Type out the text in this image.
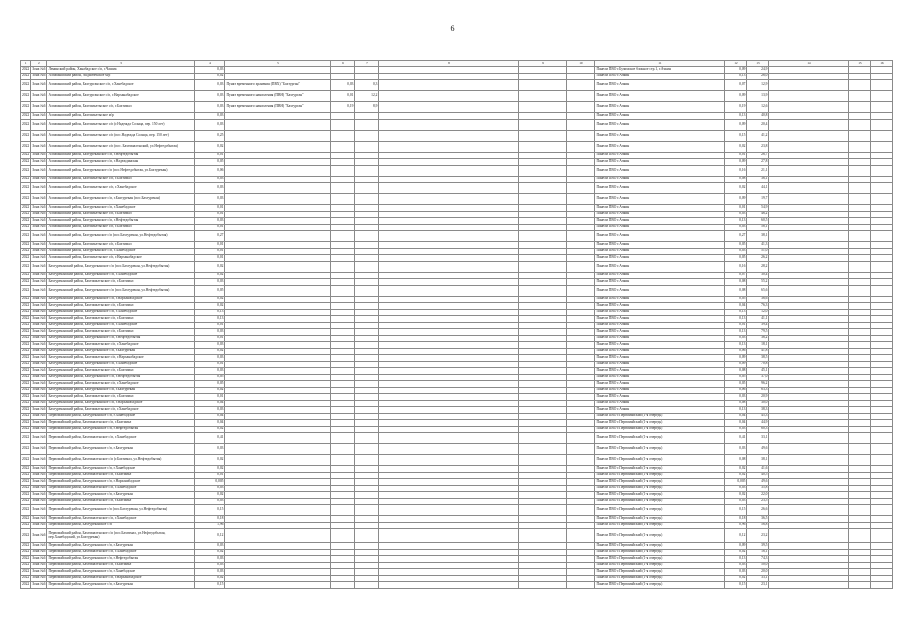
6
1	2	3	4	5	6	7	8	9	10	11	12	13	14	15	16
2022	Зона №6	Ленинский район, Ханабадское с/п, г.Чашма	0,03							Панели ПВО г.Бузимское блокное стр.1, г.Ачкин	0,09	24,9			
2022	Зона №6	Алпамышский район, Акдамбекское м/р	0,02							Панели ПВО г.Ачкин	0,13	26,0			
2022	Зона №6	Алпамышский район, Бахтурганское с/п, г.Ханебадское	0,03	Пункт временного хранения (ПВХ) "Бахтурган"	0,03	0,3				Панели ПВО г.Ачкин	0,07	12,9			
2022	Зона №6	Алпамышский район, Бахтурганское с/п, г.Нарханабадское	0,03	Пункт временного накопления (ПВН) "Бахтурган"	0,01	12,2				Панели ПВО г.Ачкин	0,09	13,9			
2022	Зона №6	Алпамышский район, Бахтималтыское с/п, г.Бахтимал	0,03	Пункт временного накопления (ПВН) "Бахтурган"	0,19	8,9				Панели ПВО г.Ачкин	0,19	12,6			
2022	Зона №6	Алпамышский район, Бахтималтыское м/р	0,03							Панели ПВО г.Ачкин	0,13	40,8			
2022	Зона №6	Алпамышский район, Бахтималтыское с/п (г.Надежда Солнца, пер. 150 лет)	0,03							Панели ПВО г.Ачкин	0,09	20,4			
2022	Зона №6	Алпамышский район, Бахтималтыское с/п (пос.Надежда Солнца, пер. 150 лет)	0,25							Панели ПВО г.Ачкин	0,15	41,2			
2022	Зона №6	Алпамышский район, Бахтималтыское с/п (пос. Бахтималтыский, ул.Нефтедобытая)	0,02							Панели ПВО г.Ачкин	0,02	23,8			
2022	Зона №6	Алпамышский район, Бахтуреканское с/п, г.Нефтедобытая	0,01							Панели ПВО г.Ачкин	0,01	26,7			
2022	Зона №6	Алпамышский район, Бахтуреканское с/п, г.Надеждинская	0,05							Панели ПВО г.Ачкин	0,09	27,8			
2022	Зона №6	Алпамышский район, Бахтуреканское с/п (пос.Нефтедобытая, ул.Бахтурекан)	0,06							Панели ПВО г.Ачкин	0,16	21,1			
2022	Зона №6	Алпамышский район, Бахтималтыское с/п, г.Бахтимал	0,03							Панели ПВО г.Ачкин	0,08	36,1			
2022	Зона №6	Алпамышский район, Бахтималтыское с/п, г.Ханебадское	0,03							Панели ПВО г.Ачкин	0,02	44,1			
2022	Зона №6	Алпамышский район, Бахтуреканское с/п, г.Бахтурекан (пос.Бахтурекан)	0,03							Панели ПВО г.Ачкин	0,09	19,7			
2022	Зона №6	Алпамышский район, Бахтуреканское с/п, г.Ханебадское	0,01							Панели ПВО г.Ачкин	0,01	54,9			
2022	Зона №6	Алпамышский район, Бахтималтыское с/п, г.Бахтимал	0,01							Панели ПВО г.Ачкин	0,03	46,2			
2022	Зона №6	Алпамышский район, Бахтуреканское с/п, г.Нефтедобытая	0,03							Панели ПВО г.Ачкин	0,13	60,5			
2022	Зона №6	Алпамышский район, Бахтималтыское с/п, г.Бахтимал	0,01							Панели ПВО г.Ачкин	0,03	58,1			
2022	Зона №6	Алпамышский район, Бахтуреканское с/п (пос.Бахтурекан, ул.Нефтедобытая)	0,27							Панели ПВО г.Ачкин	0,27	38,1			
2022	Зона №6	Алпамышский район, Бахтималтыское с/п, г.Бахтимал	0,01							Панели ПВО г.Ачкин	0,05	41,3			
2022	Зона №6	Алпамышский район, Бахтуреканское с/п, г.Ханебадское	0,01							Панели ПВО г.Ачкин	0,03	51,0			
2022	Зона №6	Алпамышский район, Бахтималтыское с/п, г.Нарханабадское	0,01							Панели ПВО г.Ачкин	0,05	26,2			
2022	Зона №6	Бахтуреканский район, Бахтуреканское с/п (пос.Бахтурекан, ул.Нефтедобытая)	0,02							Панели ПВО г.Ачкин	0,16	28,2			
2022	Зона №6	Бахтуреканский район, Бахтуреканское с/п, г.Ханебадское	0,02							Панели ПВО г.Ачкин	0,07	30,4			
2022	Зона №6	Бахтуреканский район, Бахтималтыское с/п, г.Бахтимал	0,03							Панели ПВО г.Ачкин	0,08	55,2			
2022	Зона №6	Бахтуреканский район, Бахтуреканское с/п (пос.Бахтурекан, ул.Нефтедобытая)	0,05							Панели ПВО г.Ачкин	0,08	65,6			
2022	Зона №6	Бахтуреканский район, Бахтуреканское с/п, г.Нарханабадское	0,02							Панели ПВО г.Ачкин	0,05	36,6			
2022	Зона №6	Бахтуреканский район, Бахтималтыское с/п, г.Бахтимал	0,02							Панели ПВО г.Ачкин	0,04	76,3			
2022	Зона №6	Бахтуреканский район, Бахтуреканское с/п, г.Ханебадское	0,13							Панели ПВО г.Ачкин	0,13	12,0			
2022	Зона №6	Бахтуреканский район, Бахтималтыское с/п, г.Бахтимал	0,13							Панели ПВО г.Ачкин	0,13	41,1			
2022	Зона №6	Бахтуреканский район, Бахтуреканское с/п, г.Ханебадское	0,01							Панели ПВО г.Ачкин	0,01	39,4			
2022	Зона №6	Бахтуреканский район, Бахтималтыское с/п, г.Бахтимал	0,03							Панели ПВО г.Ачкин	0,13	79,5			
2022	Зона №6	Бахтуреканский район, Бахтуреканское с/п, г.Нефтедобытая	0,01							Панели ПВО г.Ачкин	0,03	36,2			
2022	Зона №6	Бахтуреканский район, Бахтималтыское с/п, г.Ханебадское	0,03							Панели ПВО г.Ачкин	0,13	18,1			
2022	Зона №6	Бахтуреканский район, Бахтуреканское с/п, г.Бахтурекан	0,02							Панели ПВО г.Ачкин	0,06	41,8			
2022	Зона №6	Бахтуреканский район, Бахтималтыское с/п, г.Нарханабадское	0,03							Панели ПВО г.Ачкин	0,09	38,5			
2022	Зона №6	Бахтуреканский район, Бахтуреканское с/п, г.Ханебадское	0,01							Панели ПВО г.Ачкин	0,09	70,8			
2022	Зона №6	Бахтуреканский район, Бахтималтыское с/п, г.Бахтимал	0,03							Панели ПВО г.Ачкин	0,08	45,1			
2022	Зона №6	Бахтуреканский район, Бахтуреканское с/п, г.Нефтедобытая	0,05							Панели ПВО г.Ачкин	0,05	37,0			
2022	Зона №6	Бахтуреканский район, Бахтималтыское с/п, г.Ханебадское	0,05							Панели ПВО г.Ачкин	0,05	96,2			
2022	Зона №6	Бахтуреканский район, Бахтуреканское с/п, г.Бахтурекан	0,02							Панели ПВО г.Ачкин	0,06	63,3			
2022	Зона №6	Бахтуреканский район, Бахтималтыское с/п, г.Бахтимал	0,01							Панели ПВО г.Ачкин	0,03	20,9			
2022	Зона №6	Бахтуреканский район, Бахтуреканское с/п, г.Нарханабадское	0,04							Панели ПВО г.Ачкин	0,08	30,0			
2022	Зона №6	Бахтуреканский район, Бахтималтыское с/п, г.Ханебадское	0,03							Панели ПВО г.Ачкин	0,13	38,3			
2022	Зона №6	Первомайский район, Бахтуреканское с/п, г.Ханебадское	0,04							Панели ПВО г.Первомайский (1-я очередь)	0,04	45,3			
2022	Зона №6	Первомайский район, Бахтималтыское с/п, г.Бахтимал	0,04							Панели ПВО г.Первомайский (1-я очередь)	0,04	44,9			
2022	Зона №6	Первомайский район, Бахтуреканское с/п, г.Нефтедобытая	0,02							Панели ПВО г.Первомайский (1-я очередь)	0,03	60,3			
2022	Зона №6	Первомайский район, Бахтималтыское с/п, г.Ханебадское	0,41							Панели ПВО г.Первомайский (1-я очередь)	0,41	33,1			
2022	Зона №6	Первомайский район, Бахтуреканское с/п, г.Бахтурекан	0,03							Панели ПВО г.Первомайский (1-я очередь)	0,03	49,6			
2022	Зона №6	Первомайский район, Бахтималтыское с/п (г.Бахтимал, ул.Нефтедобытая)	0,02							Панели ПВО г.Первомайский (1-я очередь)	0,08	38,1			
2022	Зона №6	Первомайский район, Бахтуреканское с/п, г.Ханебадское	0,02							Панели ПВО г.Первомайский (1-я очередь)	0,02	41,6			
2022	Зона №6	Первомайский район, Бахтималтыское с/п, г.Бахтимал	0,01							Панели ПВО г.Первомайский (1-я очередь)	0,02	40,5			
2022	Зона №6	Первомайский район, Бахтуреканское с/п, г.Нарханабадское	0,005							Панели ПВО г.Первомайский (1-я очередь)	0,005	49,6			
2022	Зона №6	Первомайский район, Бахтималтыское с/п, г.Ханебадское	0,03							Панели ПВО г.Первомайский (1-я очередь)	0,03	35,8			
2022	Зона №6	Первомайский район, Бахтуреканское с/п, г.Бахтурекан	0,02							Панели ПВО г.Первомайский (1-я очередь)	0,02	22,0			
2022	Зона №6	Первомайский район, Бахтималтыское с/п, г.Бахтимал	0,03							Панели ПВО г.Первомайский (1-я очередь)	0,03	23,5			
2022	Зона №6	Первомайский район, Бахтуреканское с/п (пос.Бахтурекан, ул.Нефтедобытая)	0,15							Панели ПВО г.Первомайский (1-я очередь)	0,15	26,6			
2022	Зона №6	Первомайский район, Бахтималтыское с/п, г.Ханебадское	0,18							Панели ПВО г.Первомайский (1-я очередь)	0,18	36,5			
2022	Зона №6	Первомайский район, Бахтуреканское с/п	1,96							Панели ПВО г.Первомайский (1-я очередь)	0,96	56,8			
2022	Зона №6	Первомайский район, Бахтималтыское с/п (пос.Бахтимал, ул.Нефтедобытая, пер.Ханебадский, ул.Бахтурекан)	0,12							Панели ПВО г.Первомайский (1-я очередь)	0,12	23,2			
2022	Зона №6	Первомайский район, Бахтуреканское с/п, г.Бахтурекан	0,03							Панели ПВО г.Первомайский (1-я очередь)	0,09	39,5			
2022	Зона №6	Первомайский район, Бахтималтыское с/п, г.Ханебадское	0,02							Панели ПВО г.Первомайский (1-я очередь)	0,02	16,1			
2022	Зона №6	Первомайский район, Бахтуреканское с/п, г.Нефтедобытая	0,03							Панели ПВО г.Первомайский (1-я очередь)	0,13	74,3			
2022	Зона №6	Первомайский район, Бахтималтыское с/п, г.Бахтимал	0,03							Панели ПВО г.Первомайский (1-я очередь)	0,03	50,0			
2022	Зона №6	Первомайский район, Бахтуреканское с/п, г.Ханебадское	0,03							Панели ПВО г.Первомайский (1-я очередь)	0,03	20,0			
2022	Зона №6	Первомайский район, Бахтималтыское с/п, г.Нарханабадское	0,02							Панели ПВО г.Первомайский (1-я очередь)	0,02	33,1			
2022	Зона №6	Первомайский район, Бахтуреканское с/п, г.Бахтурекан	0,15							Панели ПВО г.Первомайский (1-я очередь)	0,15	23,1			
